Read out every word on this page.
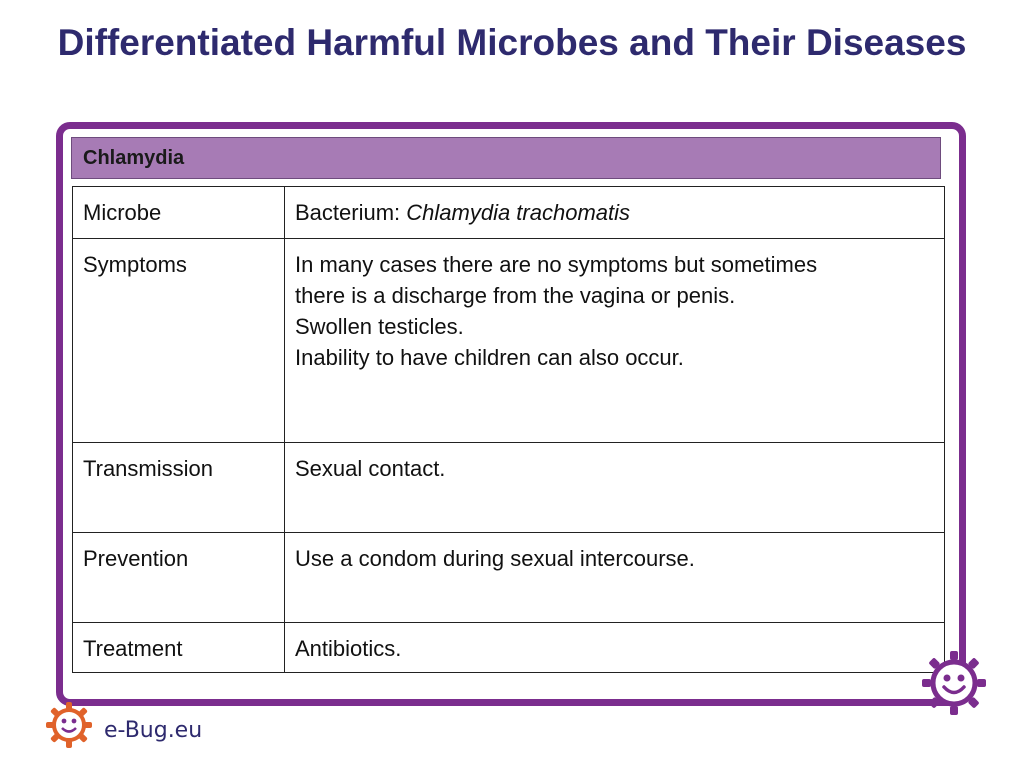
Differentiated Harmful Microbes and Their Diseases
Chlamydia
Microbe	Bacterium: Chlamydia trachomatis
Symptoms	In many cases there are no symptoms but sometimes
there is a discharge from the vagina or penis.
Swollen testicles.
Inability to have children can also occur.

Transmission	Sexual contact.
Prevention	Use a condom during sexual intercourse.
Treatment	Antibiotics.
e-Bug.eu
